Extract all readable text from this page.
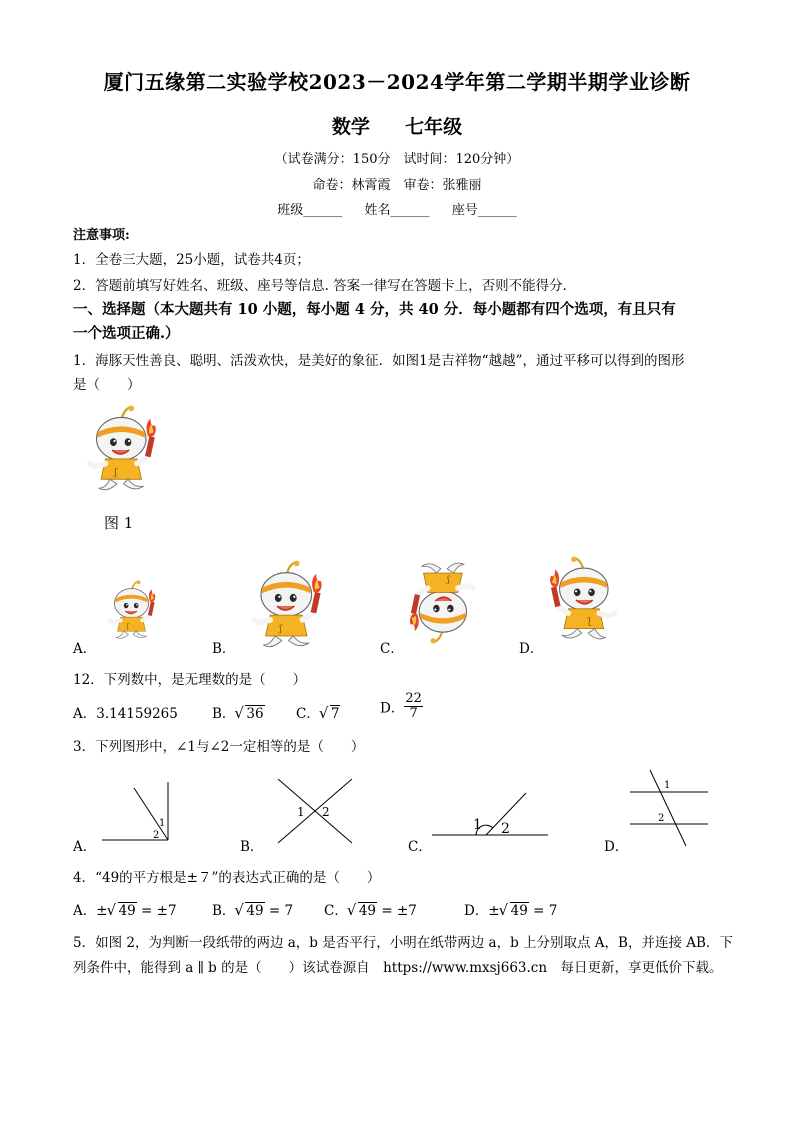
厦门五缘第二实验学校2023－2024学年第二学期半期学业诊断
数学 七年级
（试卷满分：150分　试时间：120分钟）
命卷：林霄霞　审卷：张雅丽
班级______ 姓名______ 座号______
注意事项:
1．全卷三大题，25小题，试卷共4页；
2．答题前填写好姓名、班级、座号等信息. 答案一律写在答题卡上，否则不能得分．
一、选择题（本大题共有 10 小题，每小题 4 分，共 40 分．每小题都有四个选项，有且只有
一个选项正确.）
1．海豚天性善良、聪明、活泼欢快，是美好的象征．如图1是吉祥物“越越”，通过平移可以得到的图形
是（　　）
图 1
A．	B．	C．	D．
12．下列数中，是无理数的是（　　）
A．3.14159265	B． √ 36 C． √ 7	D． $\frac{22}{7}$
3．下列图形中，∠1与∠2一定相等的是（　　）
A．
1
2
B．
1 2
C．
1 2
D．
1
2
4．“49的平方根是±７”的表达式正确的是（　　）
A．± √ 49 = ±7	B． √ 49 = 7 C． √ 49 = ±7	D．± √ 49 = 7
5．如图 2，为判断一段纸带的两边 a，b 是否平行，小明在纸带两边 a，b 上分别取点 A，B，并连接 AB．下
列条件中，能得到 a ∥ b 的是（　　）该试卷源自　https://www.mxsj663.cn　每日更新，享更低价下载。
